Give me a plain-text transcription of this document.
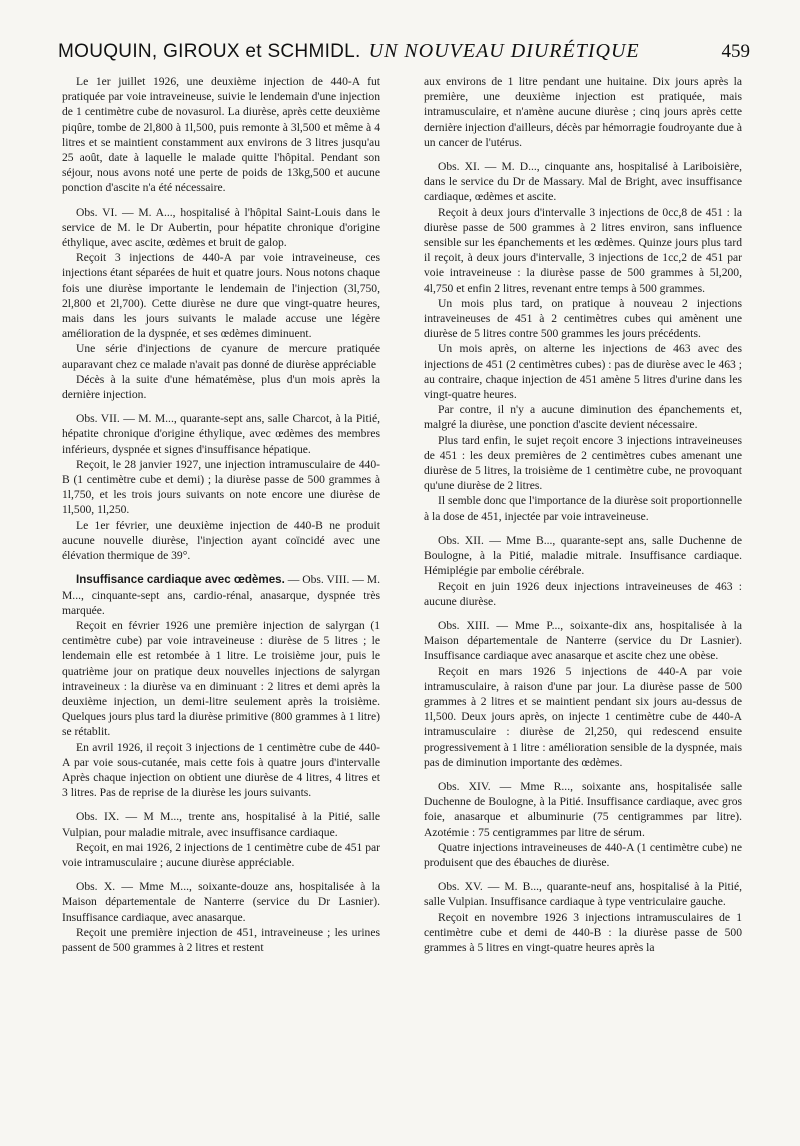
MOUQUIN, GIROUX et SCHMIDL. UN NOUVEAU DIURÉTIQUE	459

Le 1er juillet 1926, une deuxième injection de 440-A fut pratiquée par voie intraveineuse, suivie le lendemain d'une injection de 1 centimètre cube de novasurol. La diurèse, après cette deuxième piqûre, tombe de 2l,800 à 1l,500, puis remonte à 3l,500 et même à 4 litres et se maintient constamment aux environs de 3 litres jusqu'au 25 août, date à laquelle le malade quitte l'hôpital. Pendant son séjour, nous avons noté une perte de poids de 13kg,500 et aucune ponction d'ascite n'a été nécessaire.

Obs. VI. — M. A..., hospitalisé à l'hôpital Saint-Louis dans le service de M. le Dr Aubertin, pour hépatite chronique d'origine éthylique, avec ascite, œdèmes et bruit de galop.

Reçoit 3 injections de 440-A par voie intraveineuse, ces injections étant séparées de huit et quatre jours. Nous notons chaque fois une diurèse importante le lendemain de l'injection (3l,750, 2l,800 et 2l,700). Cette diurèse ne dure que vingt-quatre heures, mais dans les jours suivants le malade accuse une légère amélioration de la dyspnée, et ses œdèmes diminuent.

Une série d'injections de cyanure de mercure pratiquée auparavant chez ce malade n'avait pas donné de diurèse appréciable

Décès à la suite d'une hématémèse, plus d'un mois après la dernière injection.

Obs. VII. — M. M..., quarante-sept ans, salle Charcot, à la Pitié, hépatite chronique d'origine éthylique, avec œdèmes des membres inférieurs, dyspnée et signes d'insuffisance hépatique.

Reçoit, le 28 janvier 1927, une injection intramusculaire de 440-B (1 centimètre cube et demi) ; la diurèse passe de 500 grammes à 1l,750, et les trois jours suivants on note encore une diurèse de 1l,500, 1l,250.

Le 1er février, une deuxième injection de 440-B ne produit aucune nouvelle diurèse, l'injection ayant coïncidé avec une élévation thermique de 39°.

Insuffisance cardiaque avec œdèmes. — Obs. VIII. — M. M..., cinquante-sept ans, cardio-rénal, anasarque, dyspnée très marquée.

Reçoit en février 1926 une première injection de salyrgan (1 centimètre cube) par voie intraveineuse : diurèse de 5 litres ; le lendemain elle est retombée à 1 litre. Le troisième jour, puis le quatrième jour on pratique deux nouvelles injections de salyrgan intraveineux : la diurèse va en diminuant : 2 litres et demi après la deuxième injection, un demi-litre seulement après la troisième. Quelques jours plus tard la diurèse primitive (800 grammes à 1 litre) se rétablit.

En avril 1926, il reçoit 3 injections de 1 centimètre cube de 440-A par voie sous-cutanée, mais cette fois à quatre jours d'intervalle Après chaque injection on obtient une diurèse de 4 litres, 4 litres et 3 litres. Pas de reprise de la diurèse les jours suivants.

Obs. IX. — M M..., trente ans, hospitalisé à la Pitié, salle Vulpian, pour maladie mitrale, avec insuffisance cardiaque.

Reçoit, en mai 1926, 2 injections de 1 centimètre cube de 451 par voie intramusculaire ; aucune diurèse appréciable.

Obs. X. — Mme M..., soixante-douze ans, hospitalisée à la Maison départementale de Nanterre (service du Dr Lasnier). Insuffisance cardiaque, avec anasarque.

Reçoit une première injection de 451, intraveineuse ; les urines passent de 500 grammes à 2 litres et restent

aux environs de 1 litre pendant une huitaine. Dix jours après la première, une deuxième injection est pratiquée, mais intramusculaire, et n'amène aucune diurèse ; cinq jours après cette dernière injection d'ailleurs, décès par hémorragie foudroyante due à un cancer de l'utérus.

Obs. XI. — M. D..., cinquante ans, hospitalisé à Lariboisière, dans le service du Dr de Massary. Mal de Bright, avec insuffisance cardiaque, œdèmes et ascite.

Reçoit à deux jours d'intervalle 3 injections de 0cc,8 de 451 : la diurèse passe de 500 grammes à 2 litres environ, sans influence sensible sur les épanchements et les œdèmes. Quinze jours plus tard il reçoit, à deux jours d'intervalle, 3 injections de 1cc,2 de 451 par voie intraveineuse : la diurèse passe de 500 grammes à 5l,200, 4l,750 et enfin 2 litres, revenant entre temps à 500 grammes.

Un mois plus tard, on pratique à nouveau 2 injections intraveineuses de 451 à 2 centimètres cubes qui amènent une diurèse de 5 litres contre 500 grammes les jours précédents.

Un mois après, on alterne les injections de 463 avec des injections de 451 (2 centimètres cubes) : pas de diurèse avec le 463 ; au contraire, chaque injection de 451 amène 5 litres d'urine dans les vingt-quatre heures.

Par contre, il n'y a aucune diminution des épanchements et, malgré la diurèse, une ponction d'ascite devient nécessaire.

Plus tard enfin, le sujet reçoit encore 3 injections intraveineuses de 451 : les deux premières de 2 centimètres cubes amenant une diurèse de 5 litres, la troisième de 1 centimètre cube, ne provoquant qu'une diurèse de 2 litres.

Il semble donc que l'importance de la diurèse soit proportionnelle à la dose de 451, injectée par voie intraveineuse.

Obs. XII. — Mme B..., quarante-sept ans, salle Duchenne de Boulogne, à la Pitié, maladie mitrale. Insuffisance cardiaque. Hémiplégie par embolie cérébrale.

Reçoit en juin 1926 deux injections intraveineuses de 463 : aucune diurèse.

Obs. XIII. — Mme P..., soixante-dix ans, hospitalisée à la Maison départementale de Nanterre (service du Dr Lasnier). Insuffisance cardiaque avec anasarque et ascite chez une obèse.

Reçoit en mars 1926 5 injections de 440-A par voie intramusculaire, à raison d'une par jour. La diurèse passe de 500 grammes à 2 litres et se maintient pendant six jours au-dessus de 1l,500. Deux jours après, on injecte 1 centimètre cube de 440-A intramusculaire : diurèse de 2l,250, qui redescend ensuite progressivement à 1 litre : amélioration sensible de la dyspnée, mais pas de diminution importante des œdèmes.

Obs. XIV. — Mme R..., soixante ans, hospitalisée salle Duchenne de Boulogne, à la Pitié. Insuffisance cardiaque, avec gros foie, anasarque et albuminurie (75 centigrammes par litre). Azotémie : 75 centigrammes par litre de sérum.

Quatre injections intraveineuses de 440-A (1 centimètre cube) ne produisent que des ébauches de diurèse.

Obs. XV. — M. B..., quarante-neuf ans, hospitalisé à la Pitié, salle Vulpian. Insuffisance cardiaque à type ventriculaire gauche.

Reçoit en novembre 1926 3 injections intramusculaires de 1 centimètre cube et demi de 440-B : la diurèse passe de 500 grammes à 5 litres en vingt-quatre heures après la
